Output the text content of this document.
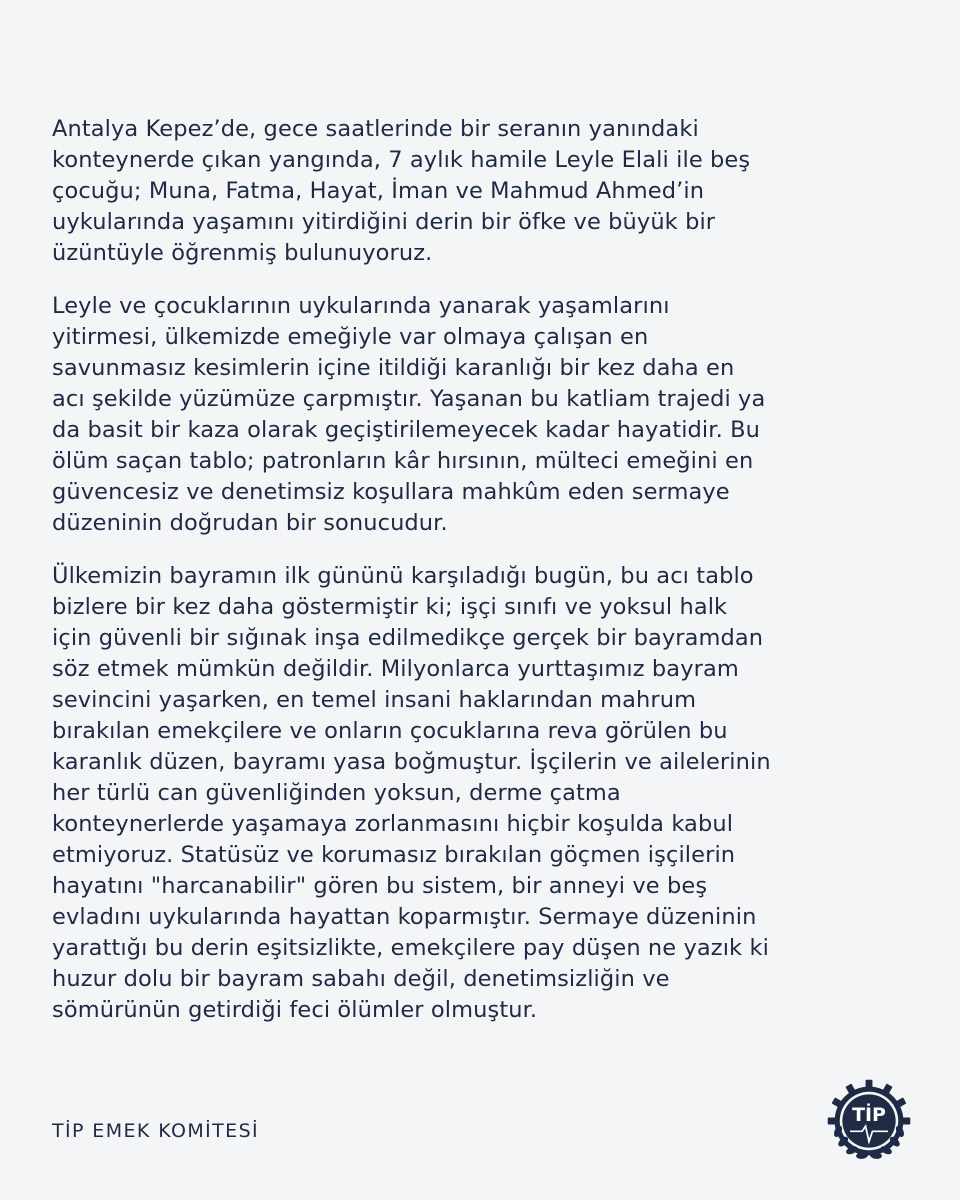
Antalya Kepez’de, gece saatlerinde bir seranın yanındaki
konteynerde çıkan yangında, 7 aylık hamile Leyle Elali ile beş
çocuğu; Muna, Fatma, Hayat, İman ve Mahmud Ahmed’in
uykularında yaşamını yitirdiğini derin bir öfke ve büyük bir
üzüntüyle öğrenmiş bulunuyoruz.

Leyle ve çocuklarının uykularında yanarak yaşamlarını
yitirmesi, ülkemizde emeğiyle var olmaya çalışan en
savunmasız kesimlerin içine itildiği karanlığı bir kez daha en
acı şekilde yüzümüze çarpmıştır. Yaşanan bu katliam trajedi ya
da basit bir kaza olarak geçiştirilemeyecek kadar hayatidir. Bu
ölüm saçan tablo; patronların kâr hırsının, mülteci emeğini en
güvencesiz ve denetimsiz koşullara mahkûm eden sermaye
düzeninin doğrudan bir sonucudur.

Ülkemizin bayramın ilk gününü karşıladığı bugün, bu acı tablo
bizlere bir kez daha göstermiştir ki; işçi sınıfı ve yoksul halk
için güvenli bir sığınak inşa edilmedikçe gerçek bir bayramdan
söz etmek mümkün değildir. Milyonlarca yurttaşımız bayram
sevincini yaşarken, en temel insani haklarından mahrum
bırakılan emekçilere ve onların çocuklarına reva görülen bu
karanlık düzen, bayramı yasa boğmuştur. İşçilerin ve ailelerinin
her türlü can güvenliğinden yoksun, derme çatma
konteynerlerde yaşamaya zorlanmasını hiçbir koşulda kabul
etmiyoruz. Statüsüz ve korumasız bırakılan göçmen işçilerin
hayatını "harcanabilir" gören bu sistem, bir anneyi ve beş
evladını uykularında hayattan koparmıştır. Sermaye düzeninin
yarattığı bu derin eşitsizlikte, emekçilere pay düşen ne yazık ki
huzur dolu bir bayram sabahı değil, denetimsizliğin ve
sömürünün getirdiği feci ölümler olmuştur.

TİP EMEK KOMİTESİ
TİP
